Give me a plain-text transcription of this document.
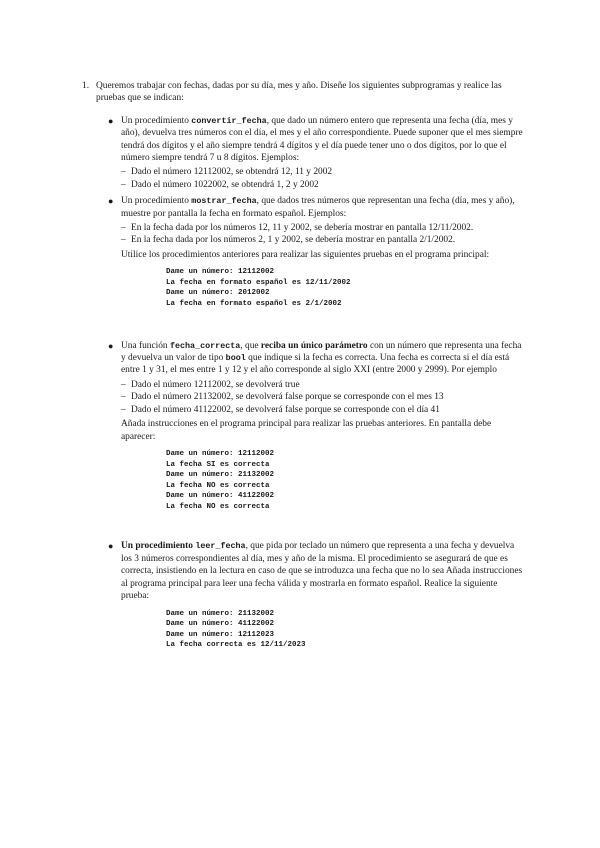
1. Queremos trabajar con fechas, dadas por su día, mes y año. Diseñe los siguientes subprogramas y realice las pruebas que se indican:

● Un procedimiento convertir_fecha, que dado un número entero que representa una fecha (día, mes y año), devuelva tres números con el día, el mes y el año correspondiente. Puede suponer que el mes siempre tendrá dos dígitos y el año siempre tendrá 4 dígitos y el día puede tener uno o dos dígitos, por lo que el número siempre tendrá 7 u 8 dígitos. Ejemplos:

– Dado el número 12112002, se obtendrá 12, 11 y 2002
– Dado el número 1022002, se obtendrá 1, 2 y 2002
● Un procedimiento mostrar_fecha, que dados tres números que representan una fecha (día, mes y año), muestre por pantalla la fecha en formato español. Ejemplos:

– En la fecha dada por los números 12, 11 y 2002, se debería mostrar en pantalla 12/11/2002.
– En la fecha dada por los números 2, 1 y 2002, se debería mostrar en pantalla 2/1/2002.

Utilice los procedimientos anteriores para realizar las siguientes pruebas en el programa principal:

Dame un número: 12112002
La fecha en formato español es 12/11/2002
Dame un número: 2012002
La fecha en formato español es 2/1/2002
● Una función fecha_correcta, que reciba un único parámetro con un número que representa una fecha y devuelva un valor de tipo bool que indique si la fecha es correcta. Una fecha es correcta si el día está entre 1 y 31, el mes entre 1 y 12 y el año corresponde al siglo XXI (entre 2000 y 2999). Por ejemplo

– Dado el número 12112002, se devolverá true
– Dado el número 21132002, se devolverá false porque se corresponde con el mes 13
– Dado el número 41122002, se devolverá false porque se corresponde con el día 41

Añada instrucciones en el programa principal para realizar las pruebas anteriores. En pantalla debe aparecer:

Dame un número: 12112002
La fecha SI es correcta
Dame un número: 21132002
La fecha NO es correcta
Dame un número: 41122002
La fecha NO es correcta
● Un procedimiento leer_fecha, que pida por teclado un número que representa a una fecha y devuelva los 3 números correspondientes al día, mes y año de la misma. El procedimiento se asegurará de que es correcta, insistiendo en la lectura en caso de que se introduzca una fecha que no lo sea Añada instrucciones al programa principal para leer una fecha válida y mostrarla en formato español. Realice la siguiente prueba:

Dame un número: 21132002
Dame un número: 41122002
Dame un número: 12112023
La fecha correcta es 12/11/2023
